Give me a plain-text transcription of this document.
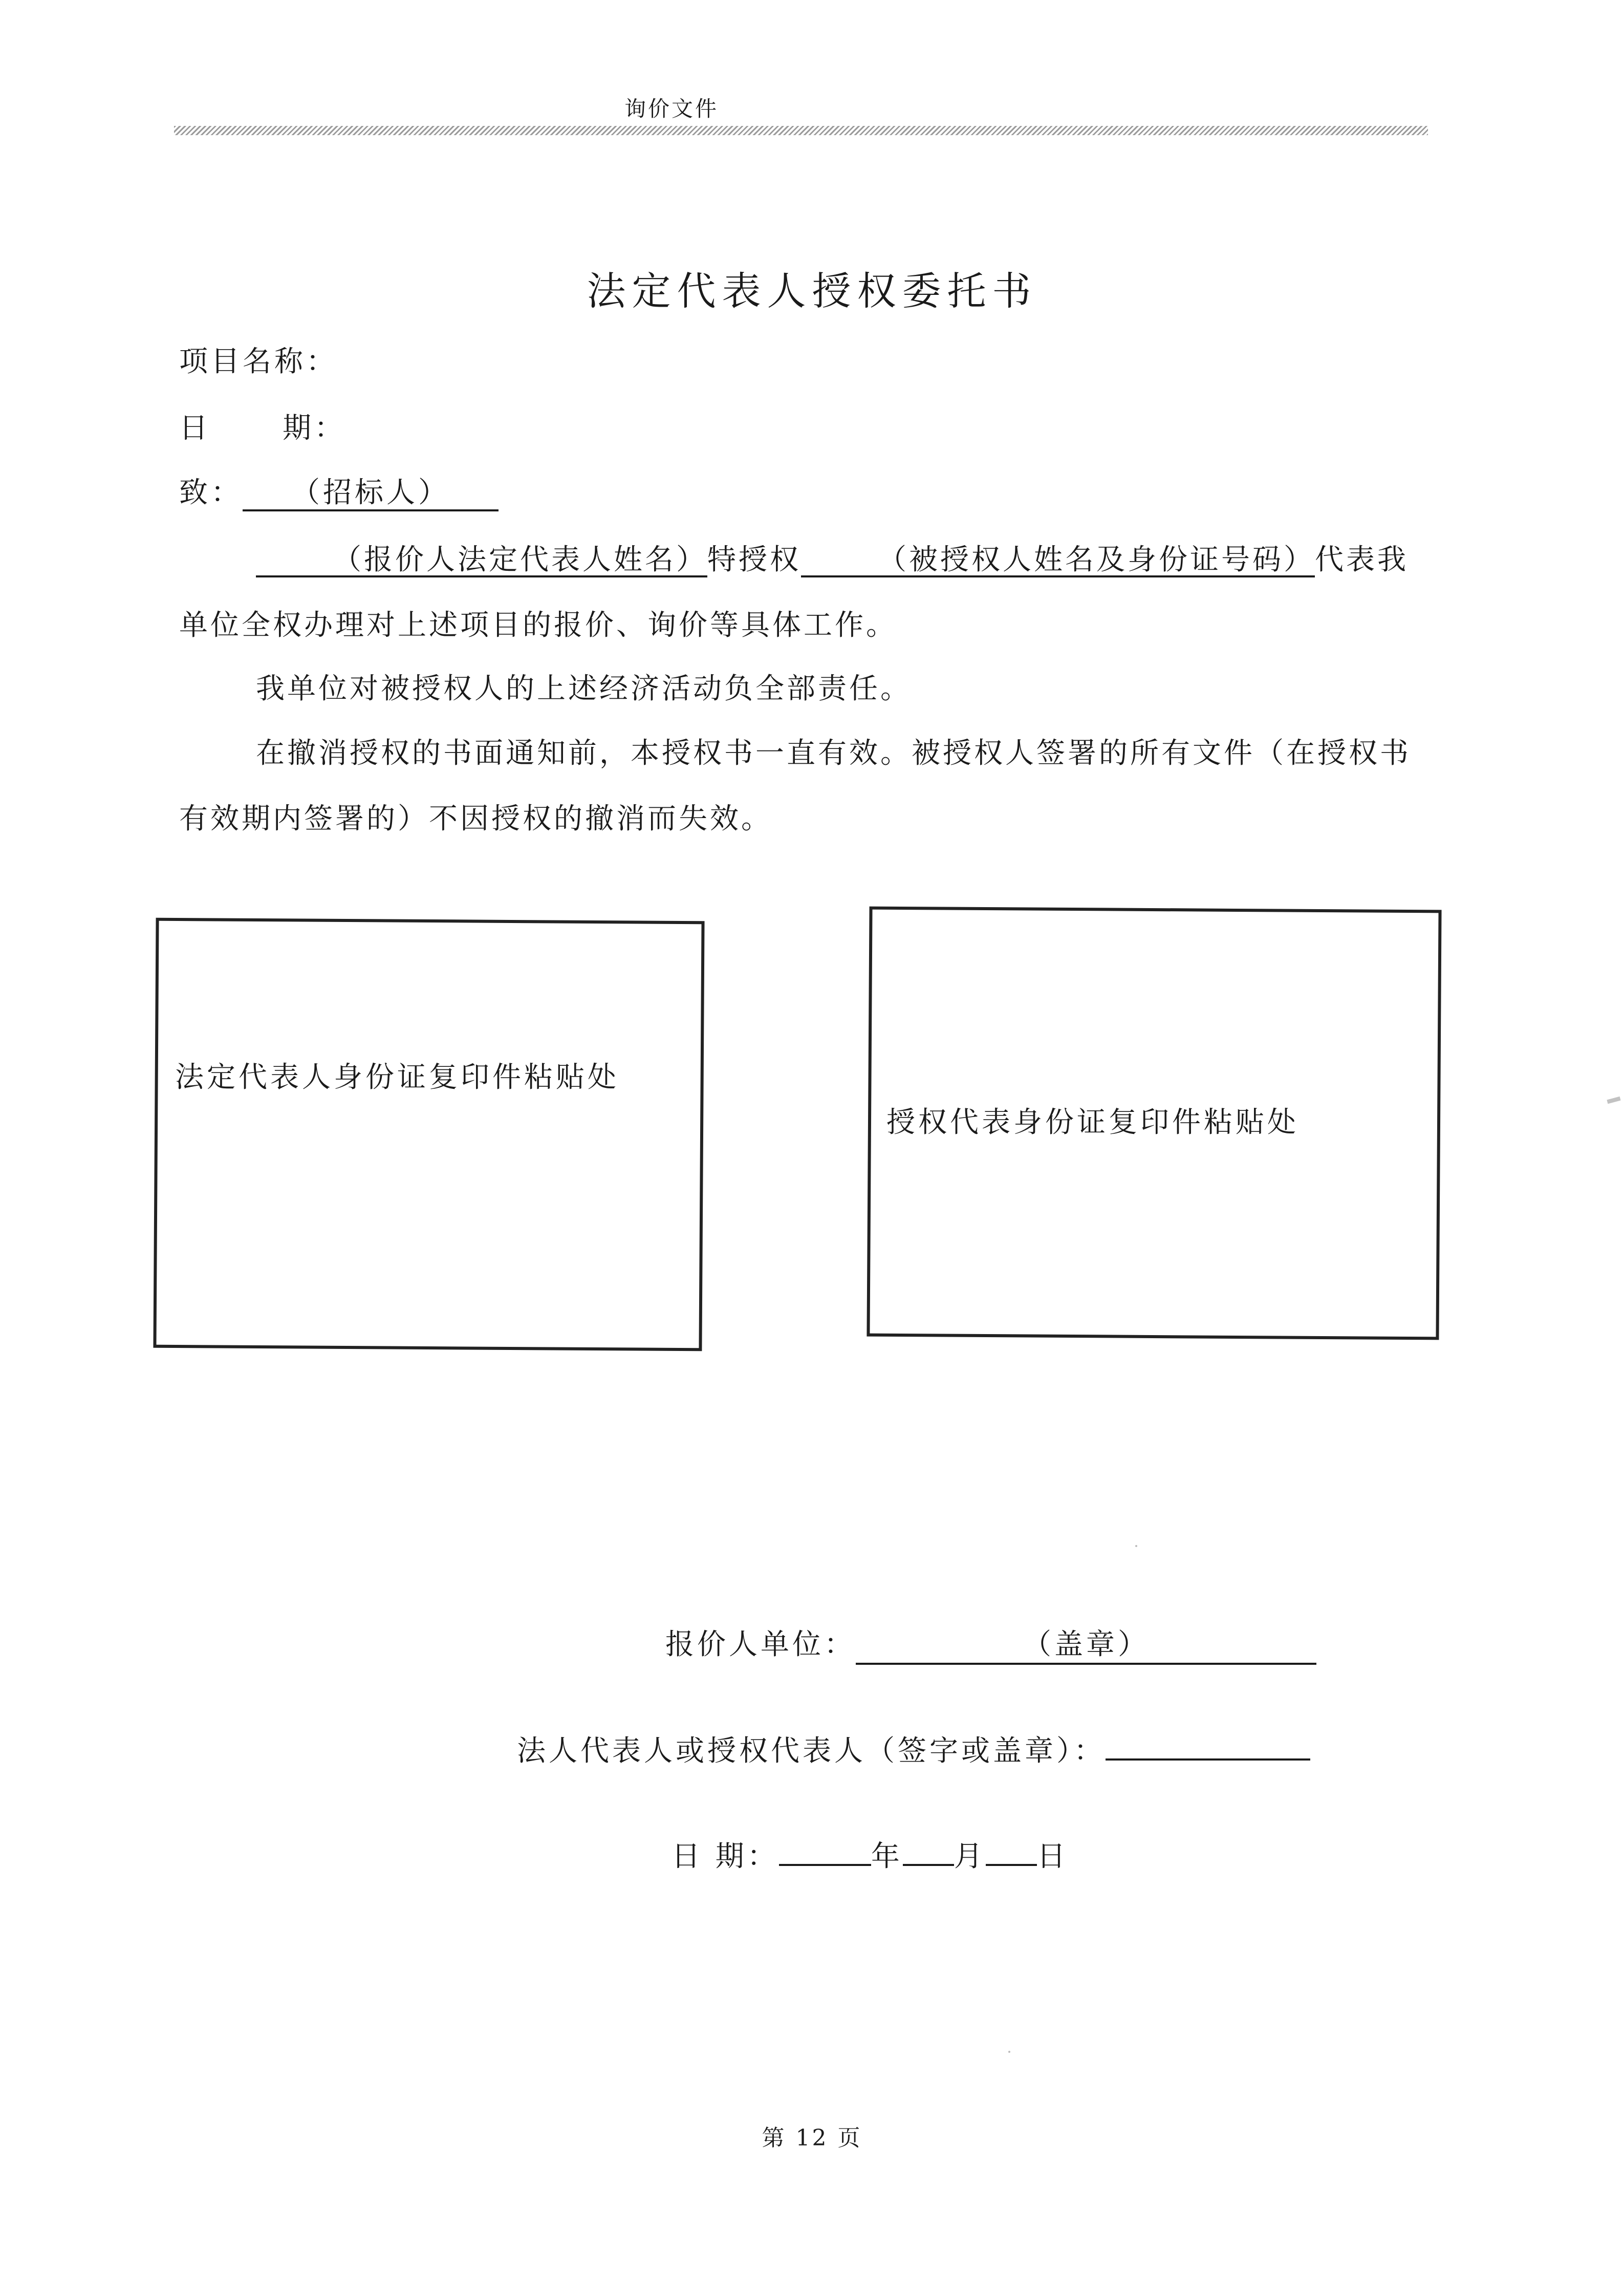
询价文件
法定代表人授权委托书
项目名称：
日	期：
致： （招标人）
（报价人法定代表人姓名）特授权	（被授权人姓名及身份证号码）代表我单位全权办理对上述项目的报价、询价等具体工作。
我单位对被授权人的上述经济活动负全部责任。
在撤消授权的书面通知前，本授权书一直有效。被授权人签署的所有文件（在授权书有效期内签署的）不因授权的撤消而失效。
法定代表人身份证复印件粘贴处
授权代表身份证复印件粘贴处
报价人单位：	（盖章）
法人代表人或授权代表人（签字或盖章）：
日 期：	年 月 日
第 12 页
